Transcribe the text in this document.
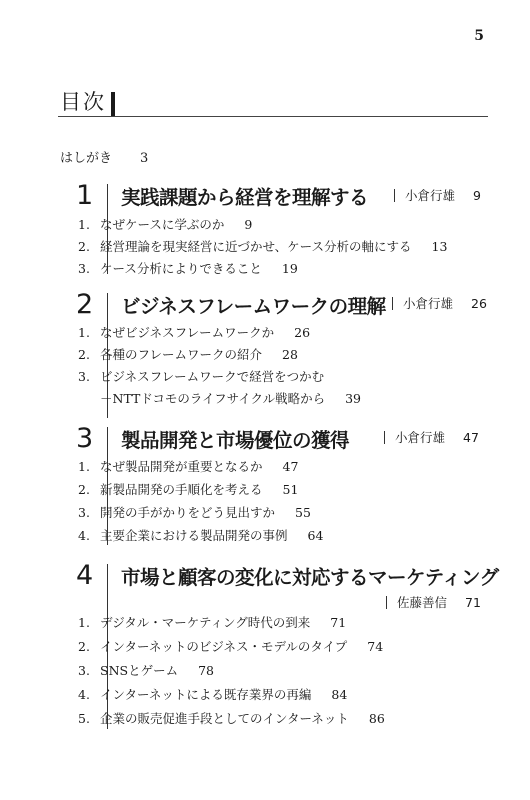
5
目次
はしがき 3
1 実践課題から経営を理解する	小倉行雄 9
1. なぜケースに学ぶのか 9
2. 経営理論を現実経営に近づかせ、ケース分析の軸にする 13
3. ケース分析によりできること 19
2 ビジネスフレームワークの理解	小倉行雄 26
1. なぜビジネスフレームワークか 26
2. 各種のフレームワークの紹介 28
3. ビジネスフレームワークで経営をつかむ
－NTTドコモのライフサイクル戦略から 39
3 製品開発と市場優位の獲得	小倉行雄 47
1. なぜ製品開発が重要となるか 47
2. 新製品開発の手順化を考える 51
3. 開発の手がかりをどう見出すか 55
4. 主要企業における製品開発の事例 64
4 市場と顧客の変化に対応するマーケティング
佐藤善信 71
1. デジタル・マーケティング時代の到来 71
2. インターネットのビジネス・モデルのタイプ 74
3. SNSとゲーム 78
4. インターネットによる既存業界の再編 84
5. 企業の販売促進手段としてのインターネット 86
